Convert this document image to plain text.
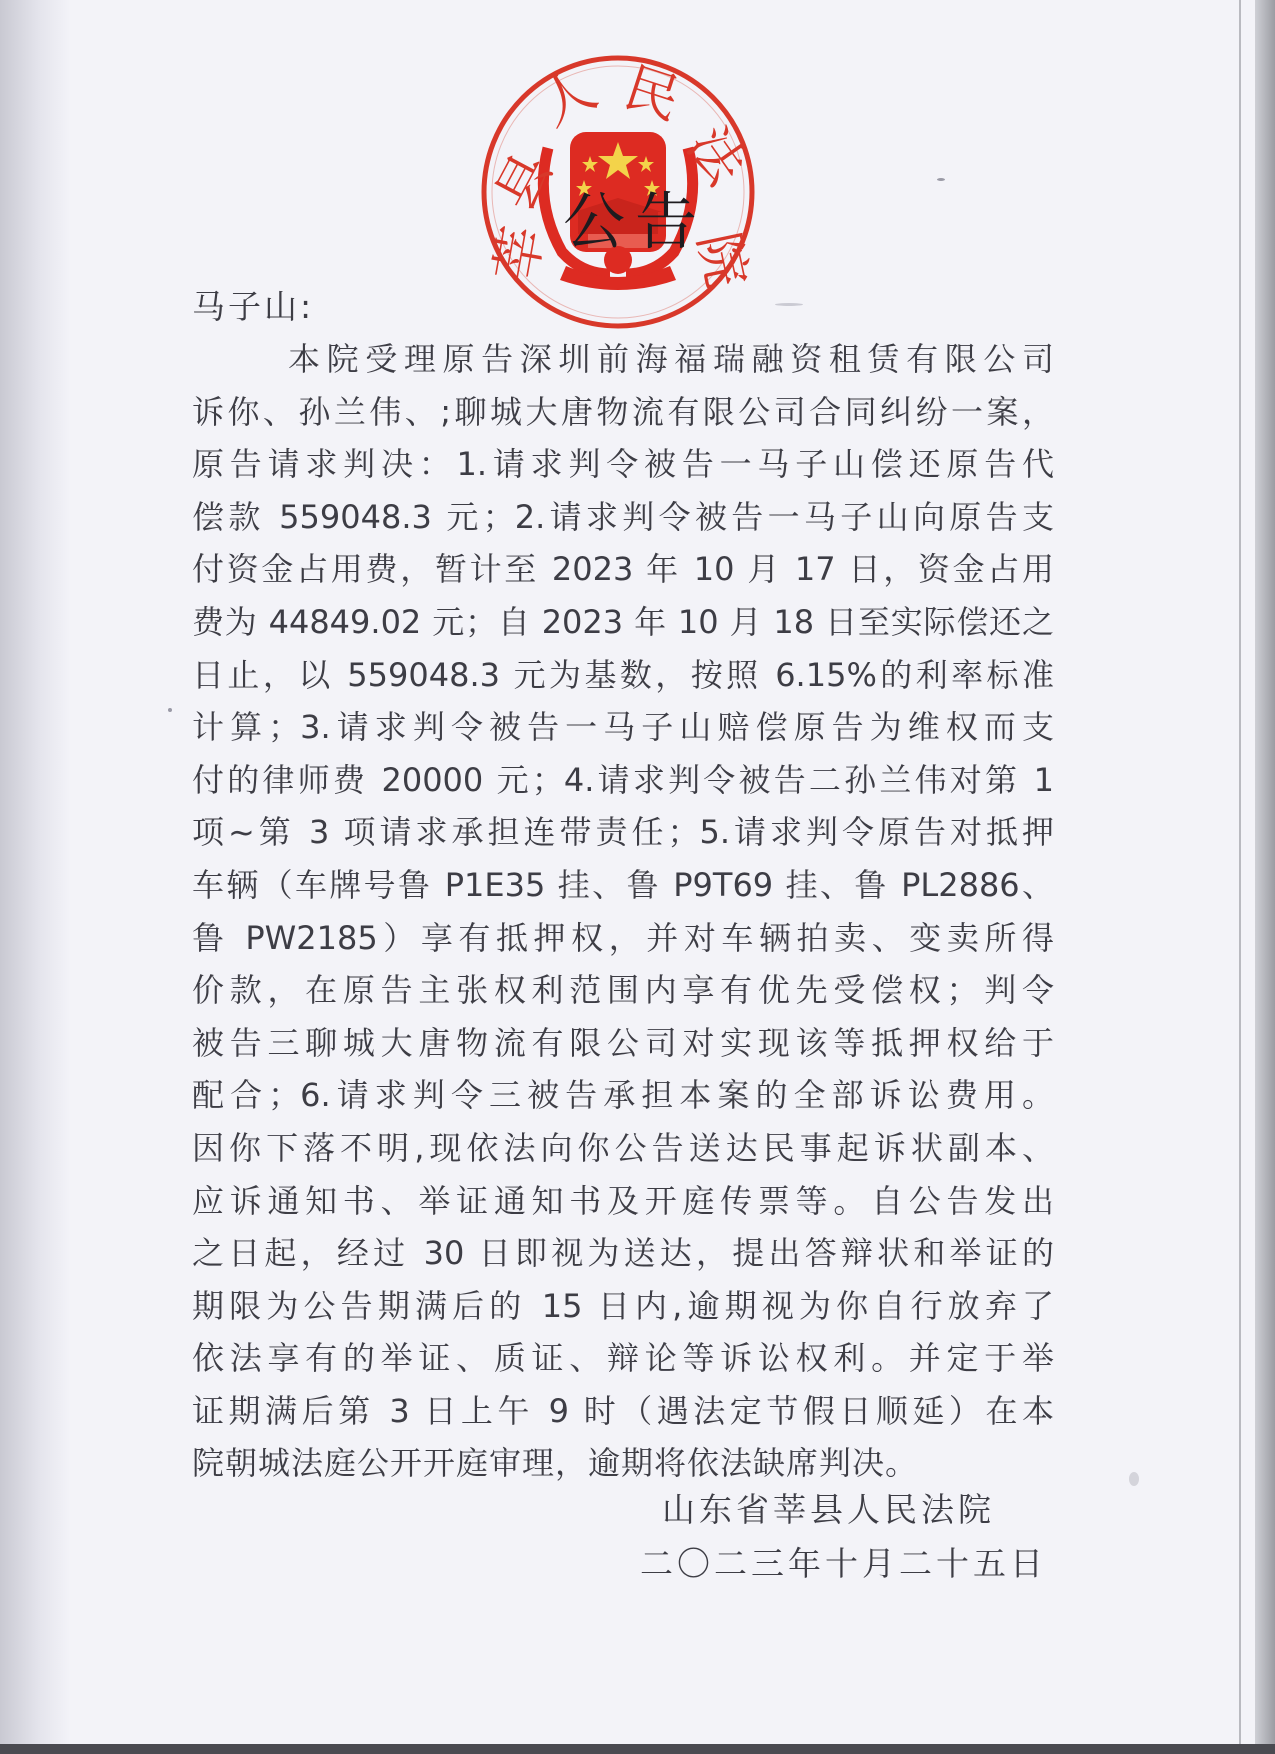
县
人 民
法
院
莘 公告
马子山:
本院受理原告深圳前海福瑞融资租赁有限公司
诉你、孙兰伟、;聊城大唐物流有限公司合同纠纷一案，
原告请求判决：1.请求判令被告一马子山偿还原告代
偿款 559048.3 元；2.请求判令被告一马子山向原告支
付资金占用费，暂计至 2023 年 10 月 17 日，资金占用
费为 44849.02 元；自 2023 年 10 月 18 日至实际偿还之
日止，以 559048.3 元为基数，按照 6.15%的利率标准
计算；3.请求判令被告一马子山赔偿原告为维权而支
付的律师费 20000 元；4.请求判令被告二孙兰伟对第 1
项~第 3 项请求承担连带责任；5.请求判令原告对抵押
车辆（车牌号鲁 P1E35 挂、鲁 P9T69 挂、鲁 PL2886、
鲁 PW2185）享有抵押权，并对车辆拍卖、变卖所得
价款，在原告主张权利范围内享有优先受偿权；判令
被告三聊城大唐物流有限公司对实现该等抵押权给于
配合；6.请求判令三被告承担本案的全部诉讼费用。
因你下落不明,现依法向你公告送达民事起诉状副本、
应诉通知书、举证通知书及开庭传票等。自公告发出
之日起，经过 30 日即视为送达，提出答辩状和举证的
期限为公告期满后的 15 日内,逾期视为你自行放弃了
依法享有的举证、质证、辩论等诉讼权利。并定于举
证期满后第 3 日上午 9 时（遇法定节假日顺延）在本
院朝城法庭公开开庭审理，逾期将依法缺席判决。
山东省莘县人民法院
二〇二三年十月二十五日
